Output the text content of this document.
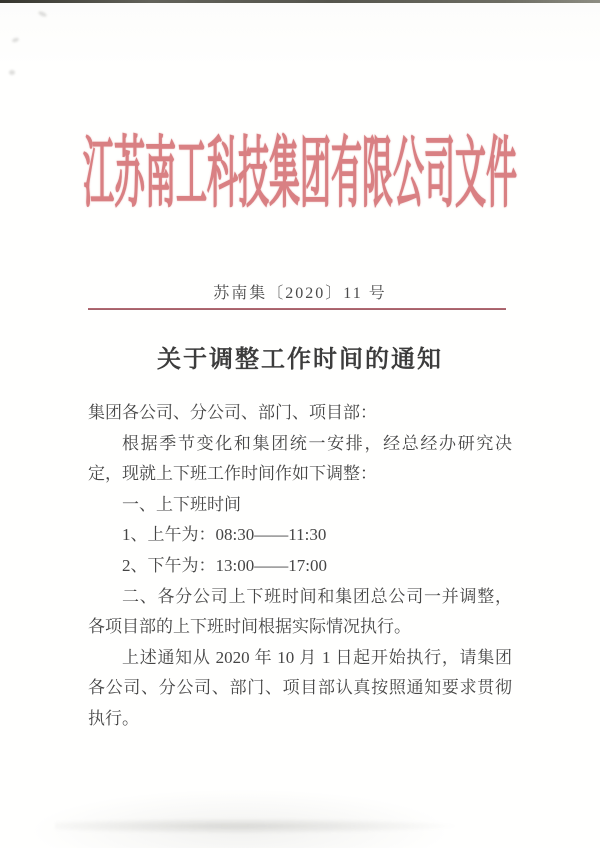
江苏南工科技集团有限公司文件
苏南集〔2020〕11 号
关于调整工作时间的通知

集团各公司、分公司、部门、项目部：

根据季节变化和集团统一安排，经总经办研究决定，现就上下班工作时间作如下调整：

一、上下班时间

1、上午为：08:30——11:30

2、下午为：13:00——17:00

二、各分公司上下班时间和集团总公司一并调整，各项目部的上下班时间根据实际情况执行。

上述通知从 2020 年 10 月 1 日起开始执行，请集团各公司、分公司、部门、项目部认真按照通知要求贯彻执行。
